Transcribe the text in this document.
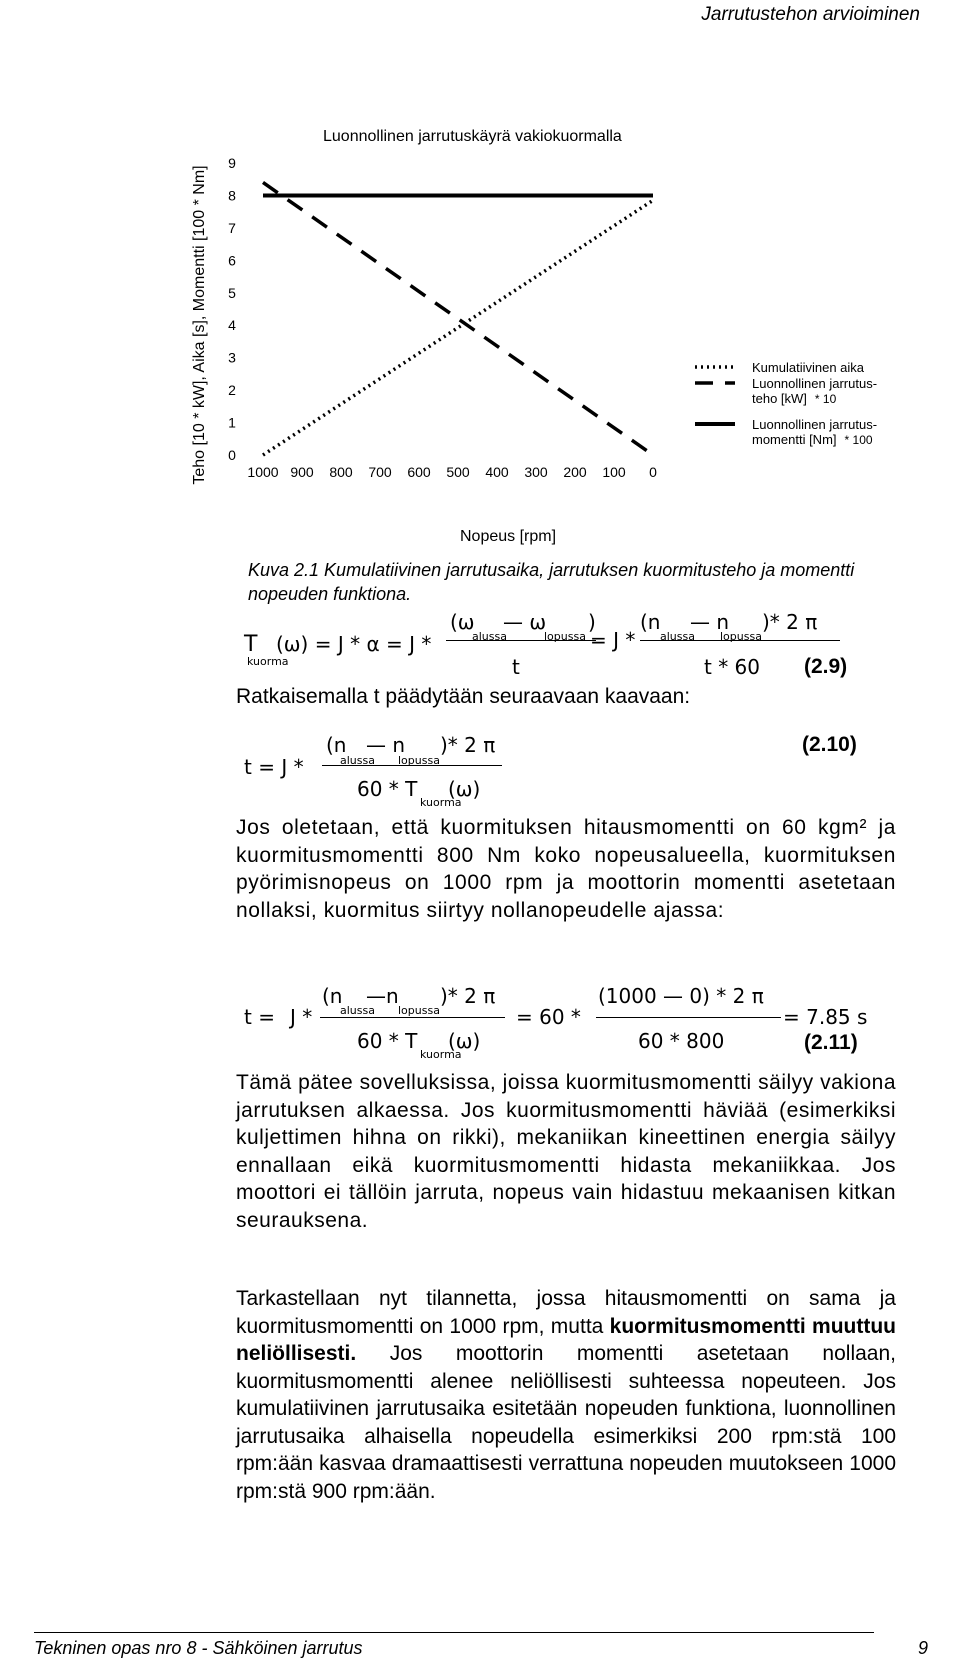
Jarrutustehon arvioiminen
Teho [10 * kW], Aika [s], Momentti [100 * Nm]
Luonnollinen jarrutuskäyrä vakiokuormalla
Nopeus [rpm]
1000 900 800 700 600 500 400 300 200 100 0
0
1
2
3
4
5
6
7
8
9
Kumulatiivinen aika
Luonnollinen jarrutus-
teho [kW] * 10
Luonnollinen jarrutus-
momentti [Nm] * 100
Kuva 2.1 Kumulatiivinen jarrutusaika, jarrutuksen kuormitusteho ja momentti nopeuden funktiona.
T
kuorma
(ω) = J * α = J *
(ω
alussa
— ω
lopussa
)
t
= J *
(n
alussa
— n
lopussa
)* 2 π
t * 60 (2.9)
Ratkaisemalla t päädytään seuraavaan kaavaan:
t = J *
(n
alussa
— n
lopussa
)* 2 π
60 * T
kuorma
(ω)
(2.10)
Jos oletetaan, että kuormituksen hitausmomentti on 60 kgm² ja kuormitusmomentti 800 Nm koko nopeusalueella, kuormituksen pyörimisnopeus on 1000 rpm ja moottorin momentti asetetaan nollaksi, kuormitus siirtyy nollanopeudelle ajassa:
t = J *
(n
alussa
—n
lopussa
)* 2 π
60 * T
kuorma
(ω)
= 60 *
(1000 — 0) * 2 π
60 * 800
= 7.85 s
(2.11)
Tämä pätee sovelluksissa, joissa kuormitusmomentti säilyy vakiona jarrutuksen alkaessa. Jos kuormitusmomentti häviää (esimerkiksi kuljettimen hihna on rikki), mekaniikan kineettinen energia säilyy ennallaan eikä kuormitusmomentti hidasta mekaniikkaa. Jos moottori ei tällöin jarruta, nopeus vain hidastuu mekaanisen kitkan seurauksena.
Tarkastellaan nyt tilannetta, jossa hitausmomentti on sama ja kuormitusmomentti on 1000 rpm, mutta kuormitusmomentti muuttuu neliöllisesti. Jos moottorin momentti asetetaan nollaan, kuormitusmomentti alenee neliöllisesti suhteessa nopeuteen. Jos kumulatiivinen jarrutusaika esitetään nopeuden funktiona, luonnollinen jarrutusaika alhaisella nopeudella esimerkiksi 200 rpm:stä 100 rpm:ään kasvaa dramaattisesti verrattuna nopeuden muutokseen 1000 rpm:stä 900 rpm:ään.
Tekninen opas nro 8 - Sähköinen jarrutus	9
